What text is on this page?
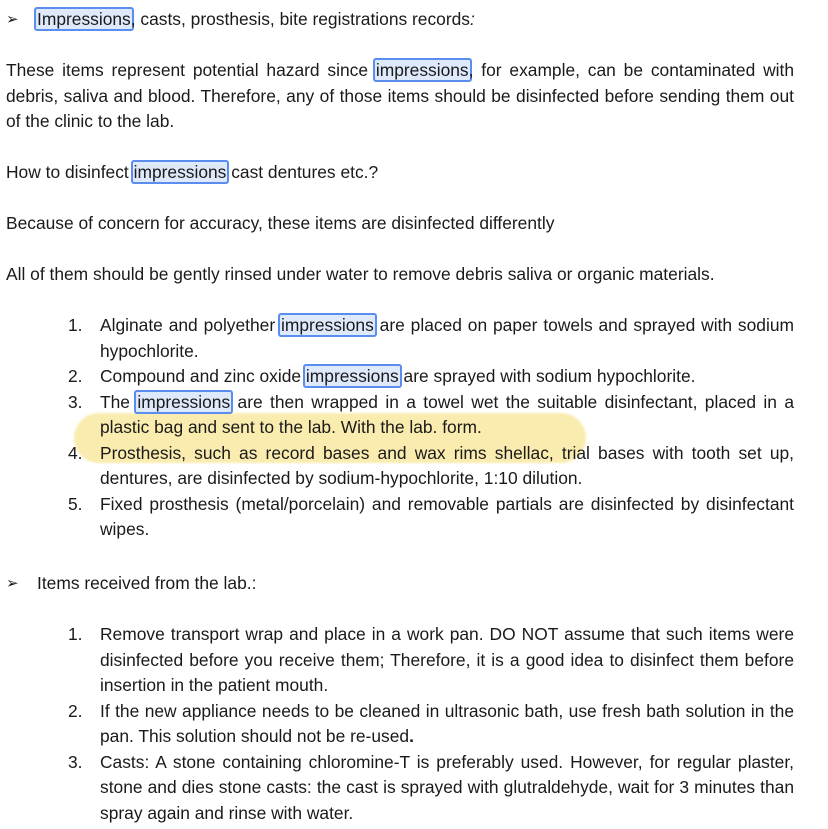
➢ Impressions, casts, prosthesis, bite registrations records:
These items represent potential hazard since impressions, for example, can be contaminated with debris, saliva and blood. Therefore, any of those items should be disinfected before sending them out of the clinic to the lab.
How to disinfect impressions cast dentures etc.?
Because of concern for accuracy, these items are disinfected differently
All of them should be gently rinsed under water to remove debris saliva or organic materials.
1. Alginate and polyether impressions are placed on paper towels and sprayed with sodium hypochlorite.
2. Compound and zinc oxide impressions are sprayed with sodium hypochlorite.
3. The impressions are then wrapped in a towel wet the suitable disinfectant, placed in a plastic bag and sent to the lab. With the lab. form.
4. Prosthesis, such as record bases and wax rims shellac, trial bases with tooth set up, dentures, are disinfected by sodium-hypochlorite, 1:10 dilution.
5. Fixed prosthesis (metal/porcelain) and removable partials are disinfected by disinfectant wipes.
➢ Items received from the lab.:
1. Remove transport wrap and place in a work pan. DO NOT assume that such items were disinfected before you receive them; Therefore, it is a good idea to disinfect them before insertion in the patient mouth.
2. If the new appliance needs to be cleaned in ultrasonic bath, use fresh bath solution in the pan. This solution should not be re-used.
3. Casts: A stone containing chloromine-T is preferably used. However, for regular plaster, stone and dies stone casts: the cast is sprayed with glutraldehyde, wait for 3 minutes than spray again and rinse with water.
